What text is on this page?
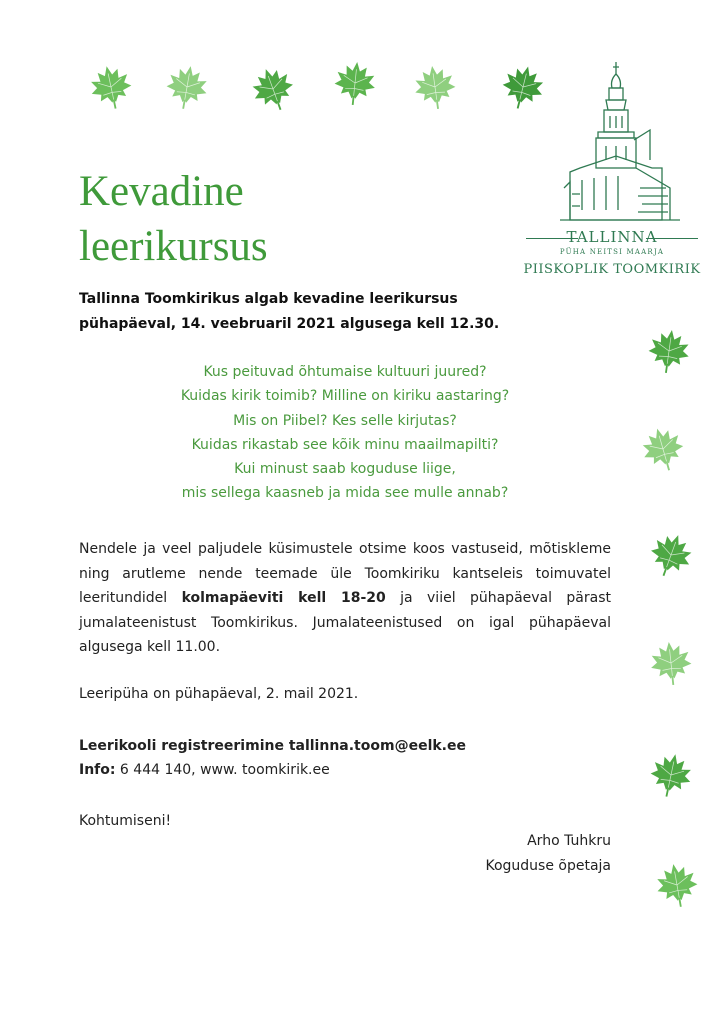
TALLINNA
PÜHA NEITSI MAARJA
PIISKOPLIK TOOMKIRIK
Kevadine
leerikursus
Tallinna Toomkirikus algab kevadine leerikursus
pühapäeval, 14. veebruaril 2021 algusega kell 12.30.
Kus peituvad õhtumaise kultuuri juured?
Kuidas kirik toimib? Milline on kiriku aastaring?
Mis on Piibel? Kes selle kirjutas?
Kuidas rikastab see kõik minu maailmapilti?
Kui minust saab koguduse liige,
mis sellega kaasneb ja mida see mulle annab?
Nendele ja veel paljudele küsimustele otsime koos vastuseid, mõtiskleme ning arutleme nende teemade üle Toomkiriku kantseleis toimuvatel leeritundidel kolmapäeviti kell 18-20 ja viiel pühapäeval pärast jumalateenistust Toomkirikus. Jumalateenistused on igal pühapäeval algusega kell 11.00.
Leeripüha on pühapäeval, 2. mail 2021.
Leerikooli registreerimine tallinna.toom@eelk.ee
Info: 6 444 140, www. toomkirik.ee
Kohtumiseni!
Arho Tuhkru
Koguduse õpetaja
